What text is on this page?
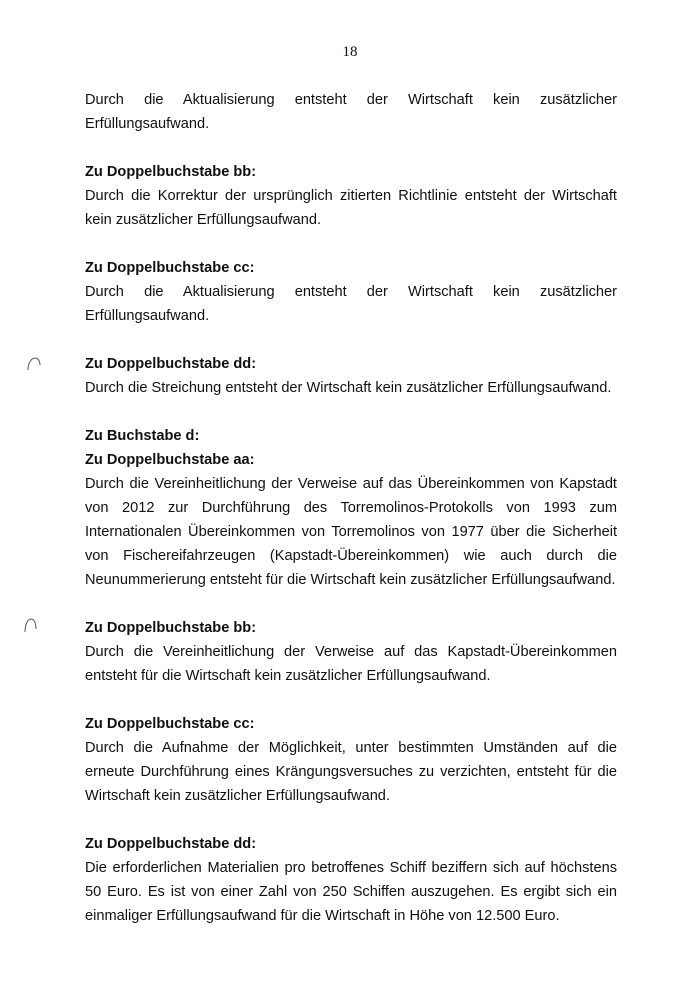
18

Durch die Aktualisierung entsteht der Wirtschaft kein zusätzlicher Erfüllungsaufwand.

Zu Doppelbuchstabe bb:

Durch die Korrektur der ursprünglich zitierten Richtlinie entsteht der Wirtschaft kein zusätzlicher Erfüllungsaufwand.

Zu Doppelbuchstabe cc:

Durch die Aktualisierung entsteht der Wirtschaft kein zusätzlicher Erfüllungsaufwand.

Zu Doppelbuchstabe dd:

Durch die Streichung entsteht der Wirtschaft kein zusätzlicher Erfüllungsaufwand.

Zu Buchstabe d:

Zu Doppelbuchstabe aa:

Durch die Vereinheitlichung der Verweise auf das Übereinkommen von Kapstadt von 2012 zur Durchführung des Torremolinos-Protokolls von 1993 zum Internationalen Übereinkommen von Torremolinos von 1977 über die Sicherheit von Fischereifahrzeugen (Kapstadt-Übereinkommen) wie auch durch die Neunummerierung entsteht für die Wirtschaft kein zusätzlicher Erfüllungsaufwand.

Zu Doppelbuchstabe bb:

Durch die Vereinheitlichung der Verweise auf das Kapstadt-Übereinkommen entsteht für die Wirtschaft kein zusätzlicher Erfüllungsaufwand.

Zu Doppelbuchstabe cc:

Durch die Aufnahme der Möglichkeit, unter bestimmten Umständen auf die erneute Durchführung eines Krängungsversuches zu verzichten, entsteht für die Wirtschaft kein zusätzlicher Erfüllungsaufwand.

Zu Doppelbuchstabe dd:

Die erforderlichen Materialien pro betroffenes Schiff beziffern sich auf höchstens 50 Euro. Es ist von einer Zahl von 250 Schiffen auszugehen. Es ergibt sich ein einmaliger Erfüllungsaufwand für die Wirtschaft in Höhe von 12.500 Euro.
